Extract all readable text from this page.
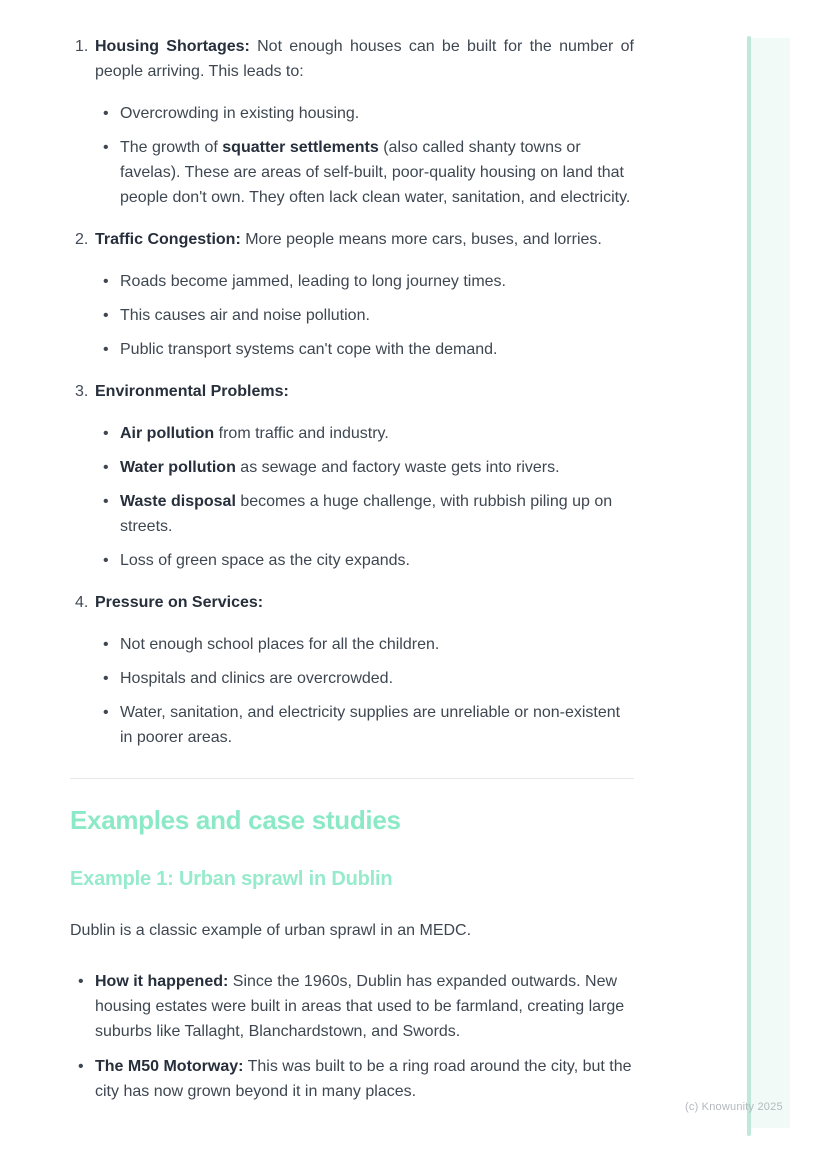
1. Housing Shortages: Not enough houses can be built for the number of people arriving. This leads to:

• Overcrowding in existing housing.
• The growth of squatter settlements (also called shanty towns or favelas). These are areas of self-built, poor-quality housing on land that people don't own. They often lack clean water, sanitation, and electricity.
2. Traffic Congestion: More people means more cars, buses, and lorries.

• Roads become jammed, leading to long journey times.
• This causes air and noise pollution.
• Public transport systems can't cope with the demand.
3. Environmental Problems:

• Air pollution from traffic and industry.
• Water pollution as sewage and factory waste gets into rivers.
• Waste disposal becomes a huge challenge, with rubbish piling up on streets.
• Loss of green space as the city expands.
4. Pressure on Services:

• Not enough school places for all the children.
• Hospitals and clinics are overcrowded.
• Water, sanitation, and electricity supplies are unreliable or non-existent in poorer areas.
Examples and case studies
Example 1: Urban sprawl in Dublin

Dublin is a classic example of urban sprawl in an MEDC.

• How it happened: Since the 1960s, Dublin has expanded outwards. New housing estates were built in areas that used to be farmland, creating large suburbs like Tallaght, Blanchardstown, and Swords.
• The M50 Motorway: This was built to be a ring road around the city, but the city has now grown beyond it in many places.
(c) Knowunity 2025
